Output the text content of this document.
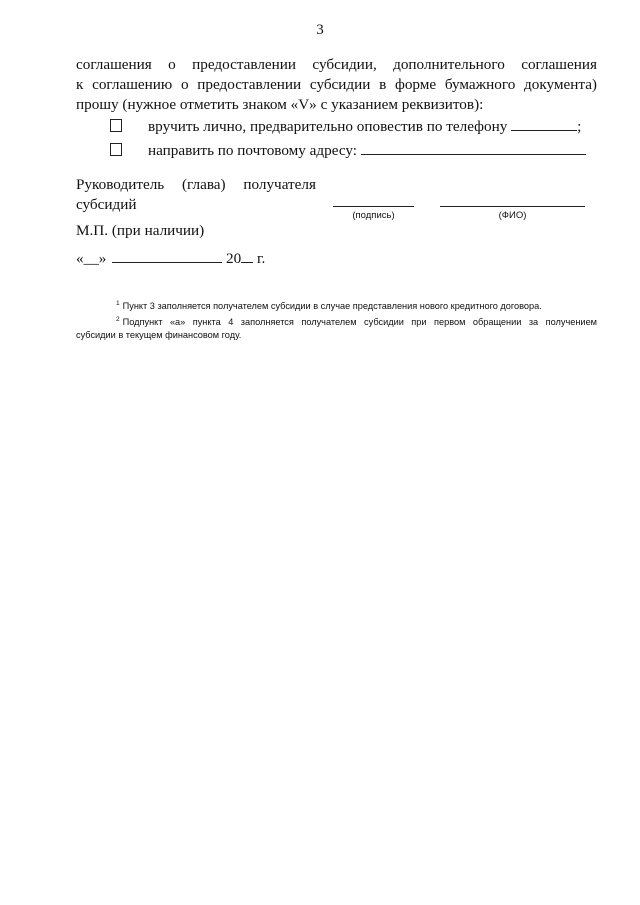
3
соглашения о предоставлении субсидии, дополнительного соглашения
к соглашению о предоставлении субсидии в форме бумажного документа)
прошу (нужное отметить знаком «V» с указанием реквизитов):
вручить лично, предварительно оповестив по телефону	;
направить по почтовому адресу:
Руководитель (глава) получателя
субсидий
(подпись)	(ФИО)
М.П. (при наличии)
«__»	20 г.
$^1$ Пункт 3 заполняется получателем субсидии в случае представления нового кредитного договора.
$^2$ Подпункт «а» пункта 4 заполняется получателем субсидии при первом обращении за получением
субсидии в текущем финансовом году.
